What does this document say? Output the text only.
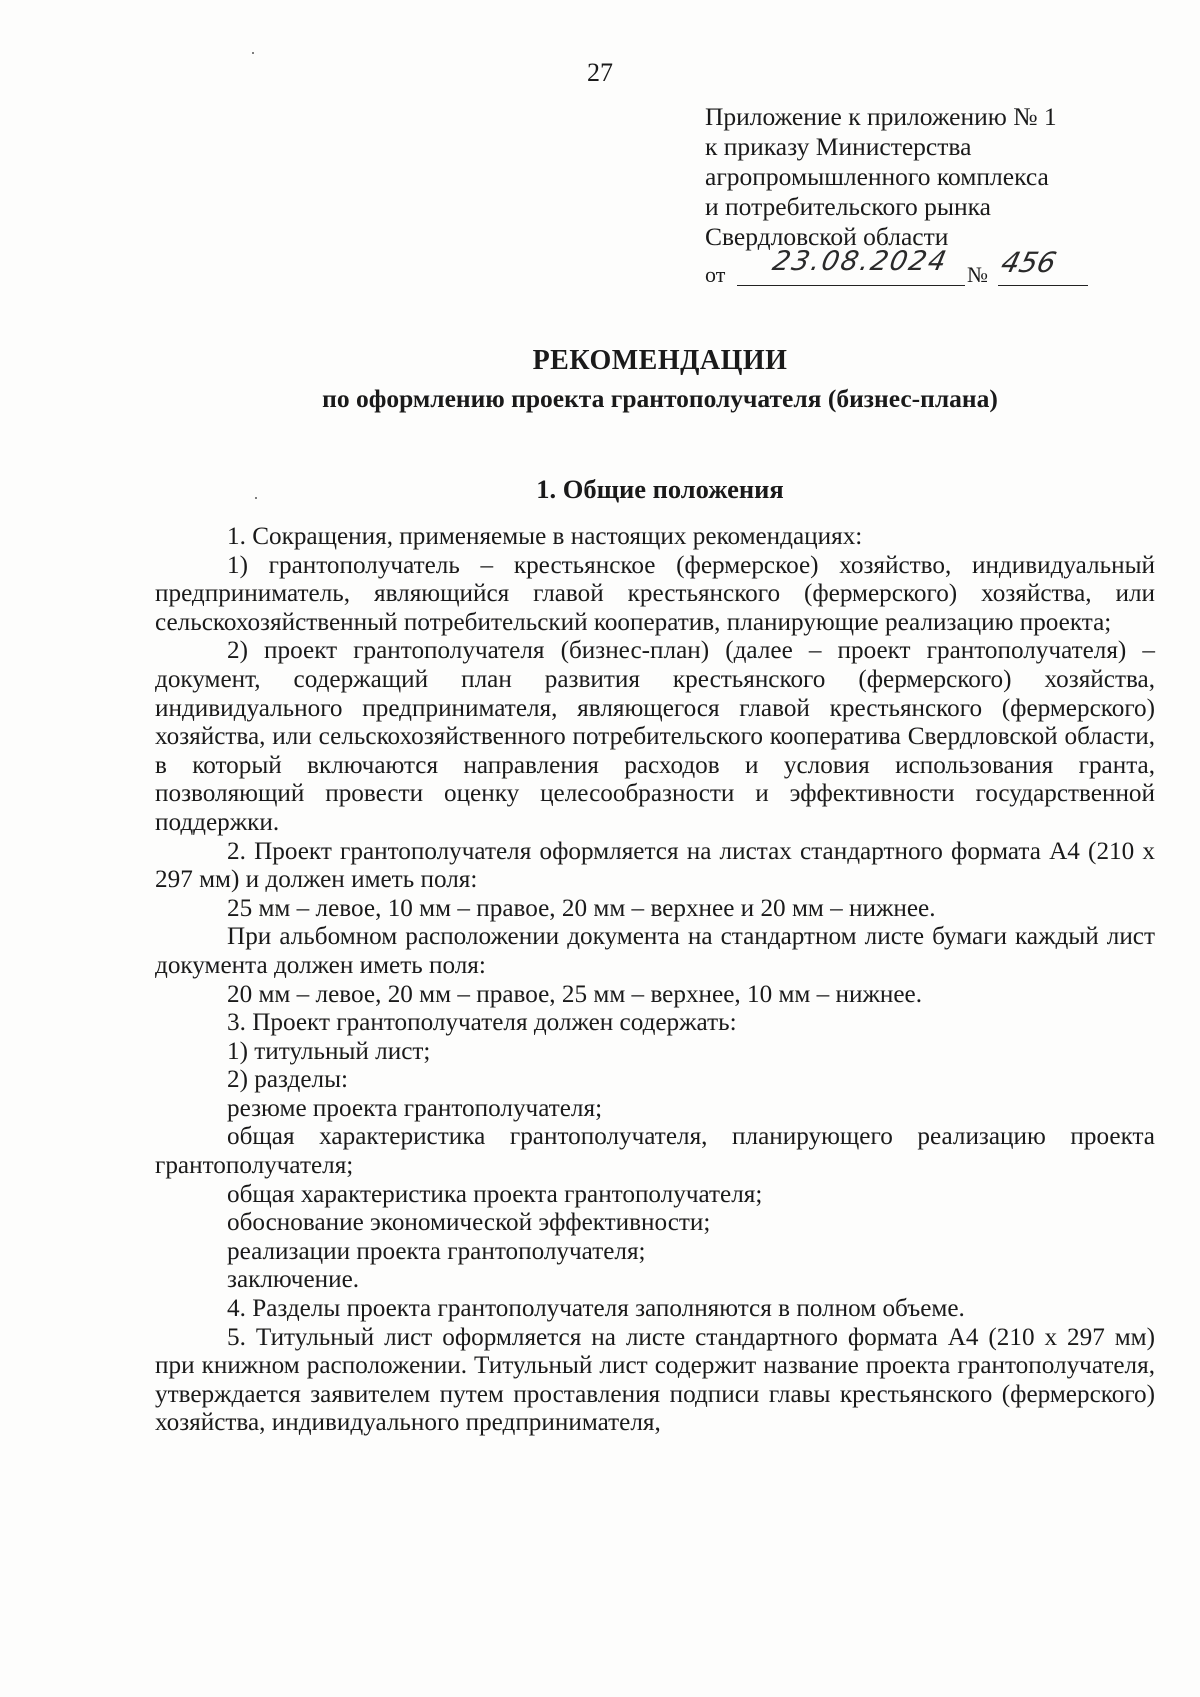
27
Приложение к приложению № 1
к приказу Министерства
агропромышленного комплекса
и потребительского рынка
Свердловской области
от 23.08.2024 № 456
РЕКОМЕНДАЦИИ
по оформлению проекта грантополучателя (бизнес-плана)
1. Общие положения

1. Сокращения, применяемые в настоящих рекомендациях:

1) грантополучатель – крестьянское (фермерское) хозяйство, индивидуальный предприниматель, являющийся главой крестьянского (фермерского) хозяйства, или сельскохозяйственный потребительский кооператив, планирующие реализацию проекта;

2) проект грантополучателя (бизнес-план) (далее – проект грантополучателя) – документ, содержащий план развития крестьянского (фермерского) хозяйства, индивидуального предпринимателя, являющегося главой крестьянского (фермерского) хозяйства, или сельскохозяйственного потребительского кооператива Свердловской области, в который включаются направления расходов и условия использования гранта, позволяющий провести оценку целесообразности и эффективности государственной поддержки.

2. Проект грантополучателя оформляется на листах стандартного формата А4 (210 х 297 мм) и должен иметь поля:

25 мм – левое, 10 мм – правое, 20 мм – верхнее и 20 мм – нижнее.

При альбомном расположении документа на стандартном листе бумаги каждый лист документа должен иметь поля:

20 мм – левое, 20 мм – правое, 25 мм – верхнее, 10 мм – нижнее.

3. Проект грантополучателя должен содержать:

1) титульный лист;

2) разделы:

резюме проекта грантополучателя;

общая характеристика грантополучателя, планирующего реализацию проекта грантополучателя;

общая характеристика проекта грантополучателя;

обоснование экономической эффективности;

реализации проекта грантополучателя;

заключение.

4. Разделы проекта грантополучателя заполняются в полном объеме.

5. Титульный лист оформляется на листе стандартного формата А4 (210 х 297 мм) при книжном расположении. Титульный лист содержит название проекта грантополучателя, утверждается заявителем путем проставления подписи главы крестьянского (фермерского) хозяйства, индивидуального предпринимателя,
